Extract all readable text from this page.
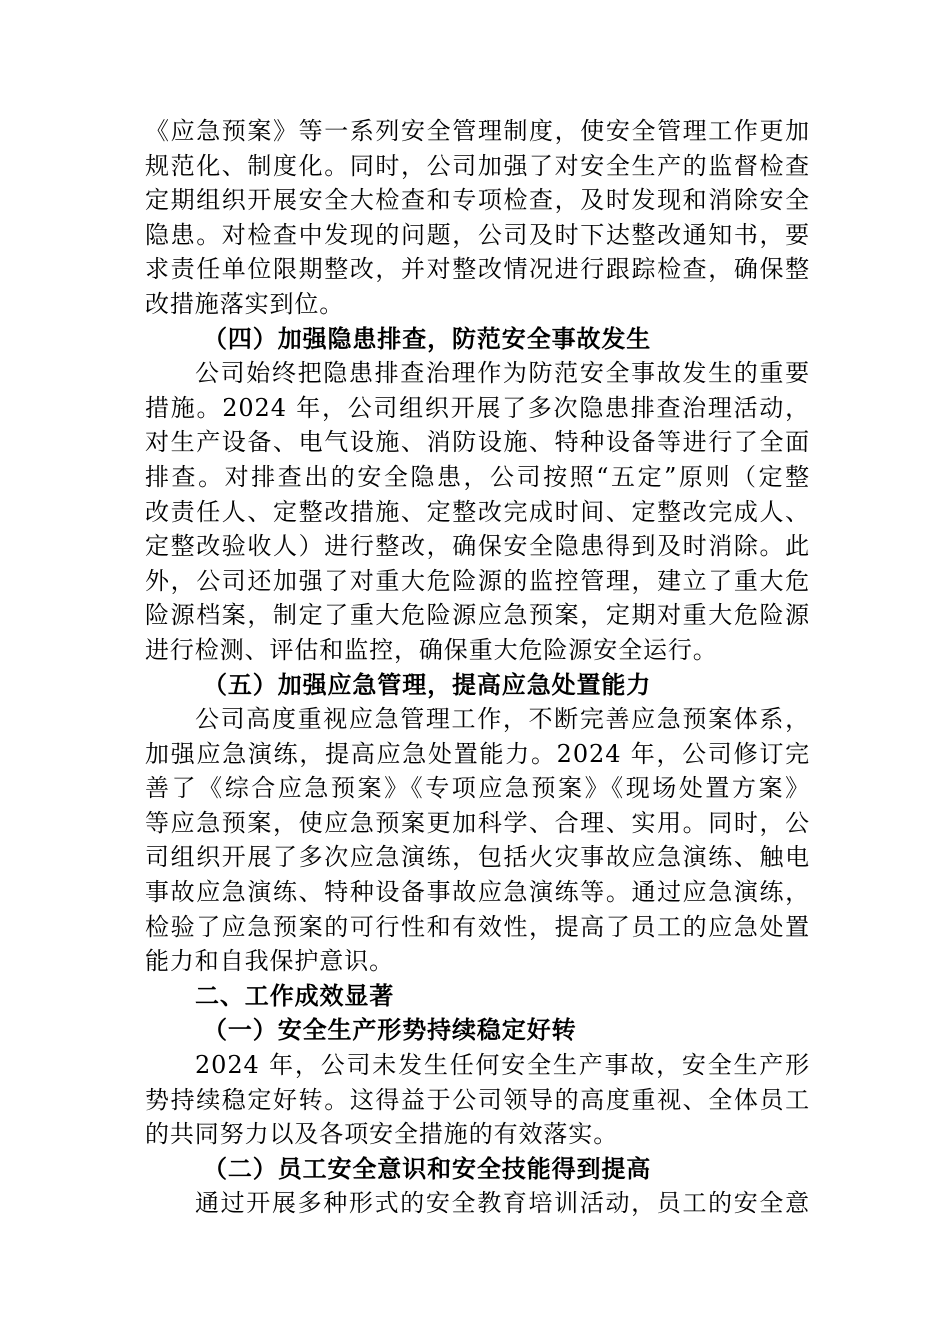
《应急预案》等一系列安全管理制度，使安全管理工作更加
规范化、制度化。同时，公司加强了对安全生产的监督检查
定期组织开展安全大检查和专项检查，及时发现和消除安全
隐患。对检查中发现的问题，公司及时下达整改通知书，要
求责任单位限期整改，并对整改情况进行跟踪检查，确保整
改措施落实到位。
（四）加强隐患排查，防范安全事故发生
公司始终把隐患排查治理作为防范安全事故发生的重要
措施。2024 年，公司组织开展了多次隐患排查治理活动，
对生产设备、电气设施、消防设施、特种设备等进行了全面
排查。对排查出的安全隐患，公司按照“五定”原则（定整
改责任人、定整改措施、定整改完成时间、定整改完成人、
定整改验收人）进行整改，确保安全隐患得到及时消除。此
外，公司还加强了对重大危险源的监控管理，建立了重大危
险源档案，制定了重大危险源应急预案，定期对重大危险源
进行检测、评估和监控，确保重大危险源安全运行。
（五）加强应急管理，提高应急处置能力
公司高度重视应急管理工作，不断完善应急预案体系，
加强应急演练，提高应急处置能力。2024 年，公司修订完
善了《综合应急预案》《专项应急预案》《现场处置方案》
等应急预案，使应急预案更加科学、合理、实用。同时，公
司组织开展了多次应急演练，包括火灾事故应急演练、触电
事故应急演练、特种设备事故应急演练等。通过应急演练，
检验了应急预案的可行性和有效性，提高了员工的应急处置
能力和自我保护意识。
二、工作成效显著
（一）安全生产形势持续稳定好转
2024 年，公司未发生任何安全生产事故，安全生产形
势持续稳定好转。这得益于公司领导的高度重视、全体员工
的共同努力以及各项安全措施的有效落实。
（二）员工安全意识和安全技能得到提高
通过开展多种形式的安全教育培训活动，员工的安全意
